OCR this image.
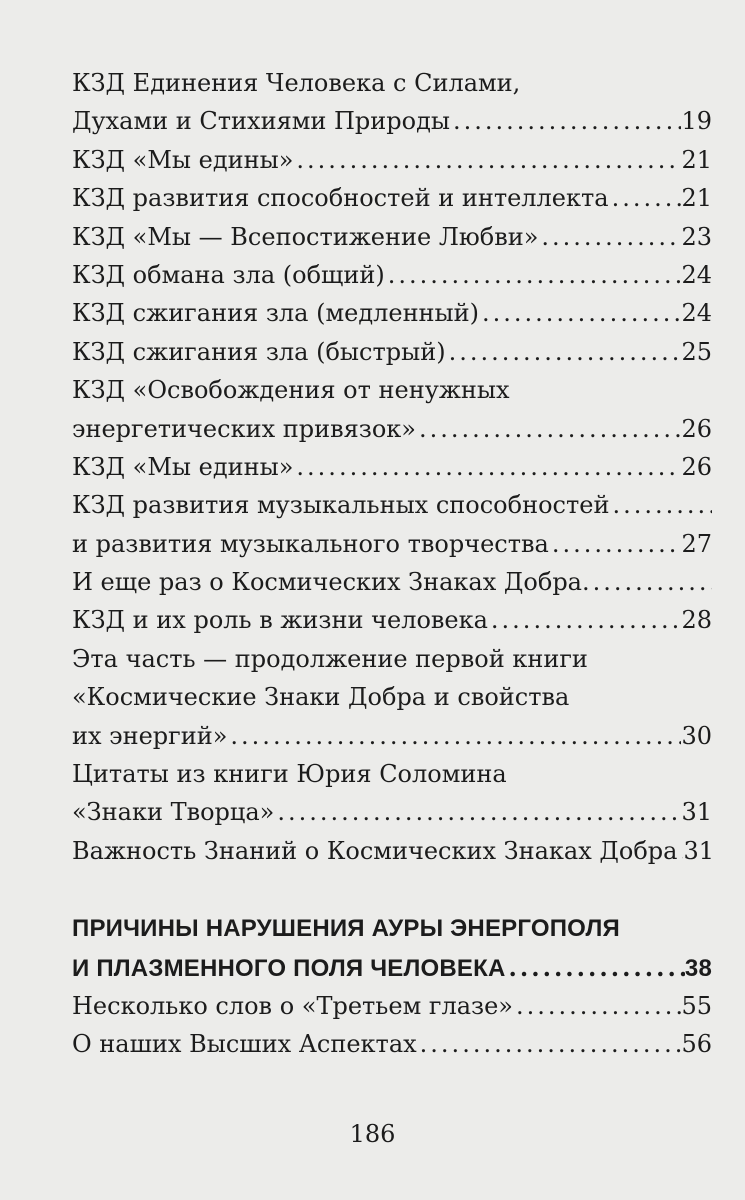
КЗД Единения Человека с Силами,
Духами и Стихиями Природы .....	19
КЗД «Мы едины» .....	21
КЗД развития способностей и интеллекта .....	21
КЗД «Мы — Всепостижение Любви» .....	23
КЗД обмана зла (общий) .....	24
КЗД сжигания зла (медленный) .....	24
КЗД сжигания зла (быстрый) .....	25
КЗД «Освобождения от ненужных
энергетических привязок» .....	26
КЗД «Мы едины» .....	26
КЗД развития музыкальных способностей
.....
и развития музыкального творчества .....	27
И еще раз о Космических Знаках Добра.
.....
КЗД и их роль в жизни человека .....	28
Эта часть — продолжение первой книги
«Космические Знаки Добра и свойства
их энергий» .....	30
Цитаты из книги Юрия Соломина
«Знаки Творца» .....	31
Важность Знаний о Космических Знаках Добра ..... 31
ПРИЧИНЫ НАРУШЕНИЯ АУРЫ ЭНЕРГОПОЛЯ
И ПЛАЗМЕННОГО ПОЛЯ ЧЕЛОВЕКА .....	38
Несколько слов о «Третьем глазе» .....	55
О наших Высших Аспектах .....	56
186
